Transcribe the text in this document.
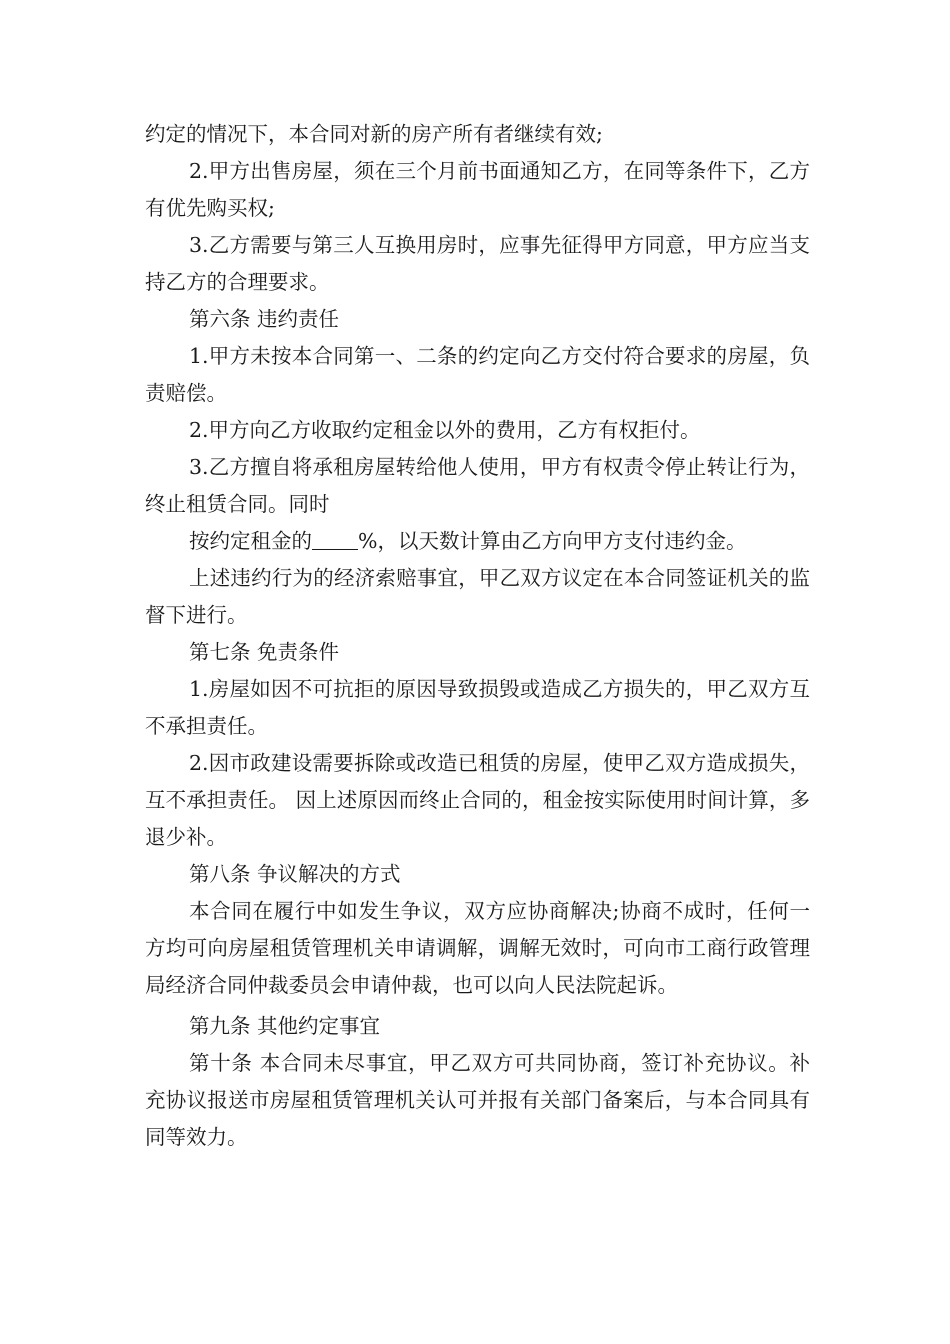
约定的情况下，本合同对新的房产所有者继续有效;

2.甲方出售房屋，须在三个月前书面通知乙方，在同等条件下，乙方有优先购买权;

3.乙方需要与第三人互换用房时，应事先征得甲方同意，甲方应当支持乙方的合理要求。

第六条 违约责任

1.甲方未按本合同第一、二条的约定向乙方交付符合要求的房屋，负责赔偿。

2.甲方向乙方收取约定租金以外的费用，乙方有权拒付。

3.乙方擅自将承租房屋转给他人使用，甲方有权责令停止转让行为，终止租赁合同。同时

按约定租金的 %，以天数计算由乙方向甲方支付违约金。

上述违约行为的经济索赔事宜，甲乙双方议定在本合同签证机关的监督下进行。

第七条 免责条件

1.房屋如因不可抗拒的原因导致损毁或造成乙方损失的，甲乙双方互不承担责任。

2.因市政建设需要拆除或改造已租赁的房屋，使甲乙双方造成损失，互不承担责任。 因上述原因而终止合同的，租金按实际使用时间计算，多退少补。

第八条 争议解决的方式

本合同在履行中如发生争议，双方应协商解决;协商不成时，任何一方均可向房屋租赁管理机关申请调解，调解无效时，可向市工商行政管理局经济合同仲裁委员会申请仲裁，也可以向人民法院起诉。

第九条 其他约定事宜

第十条 本合同未尽事宜，甲乙双方可共同协商，签订补充协议。补充协议报送市房屋租赁管理机关认可并报有关部门备案后，与本合同具有同等效力。
